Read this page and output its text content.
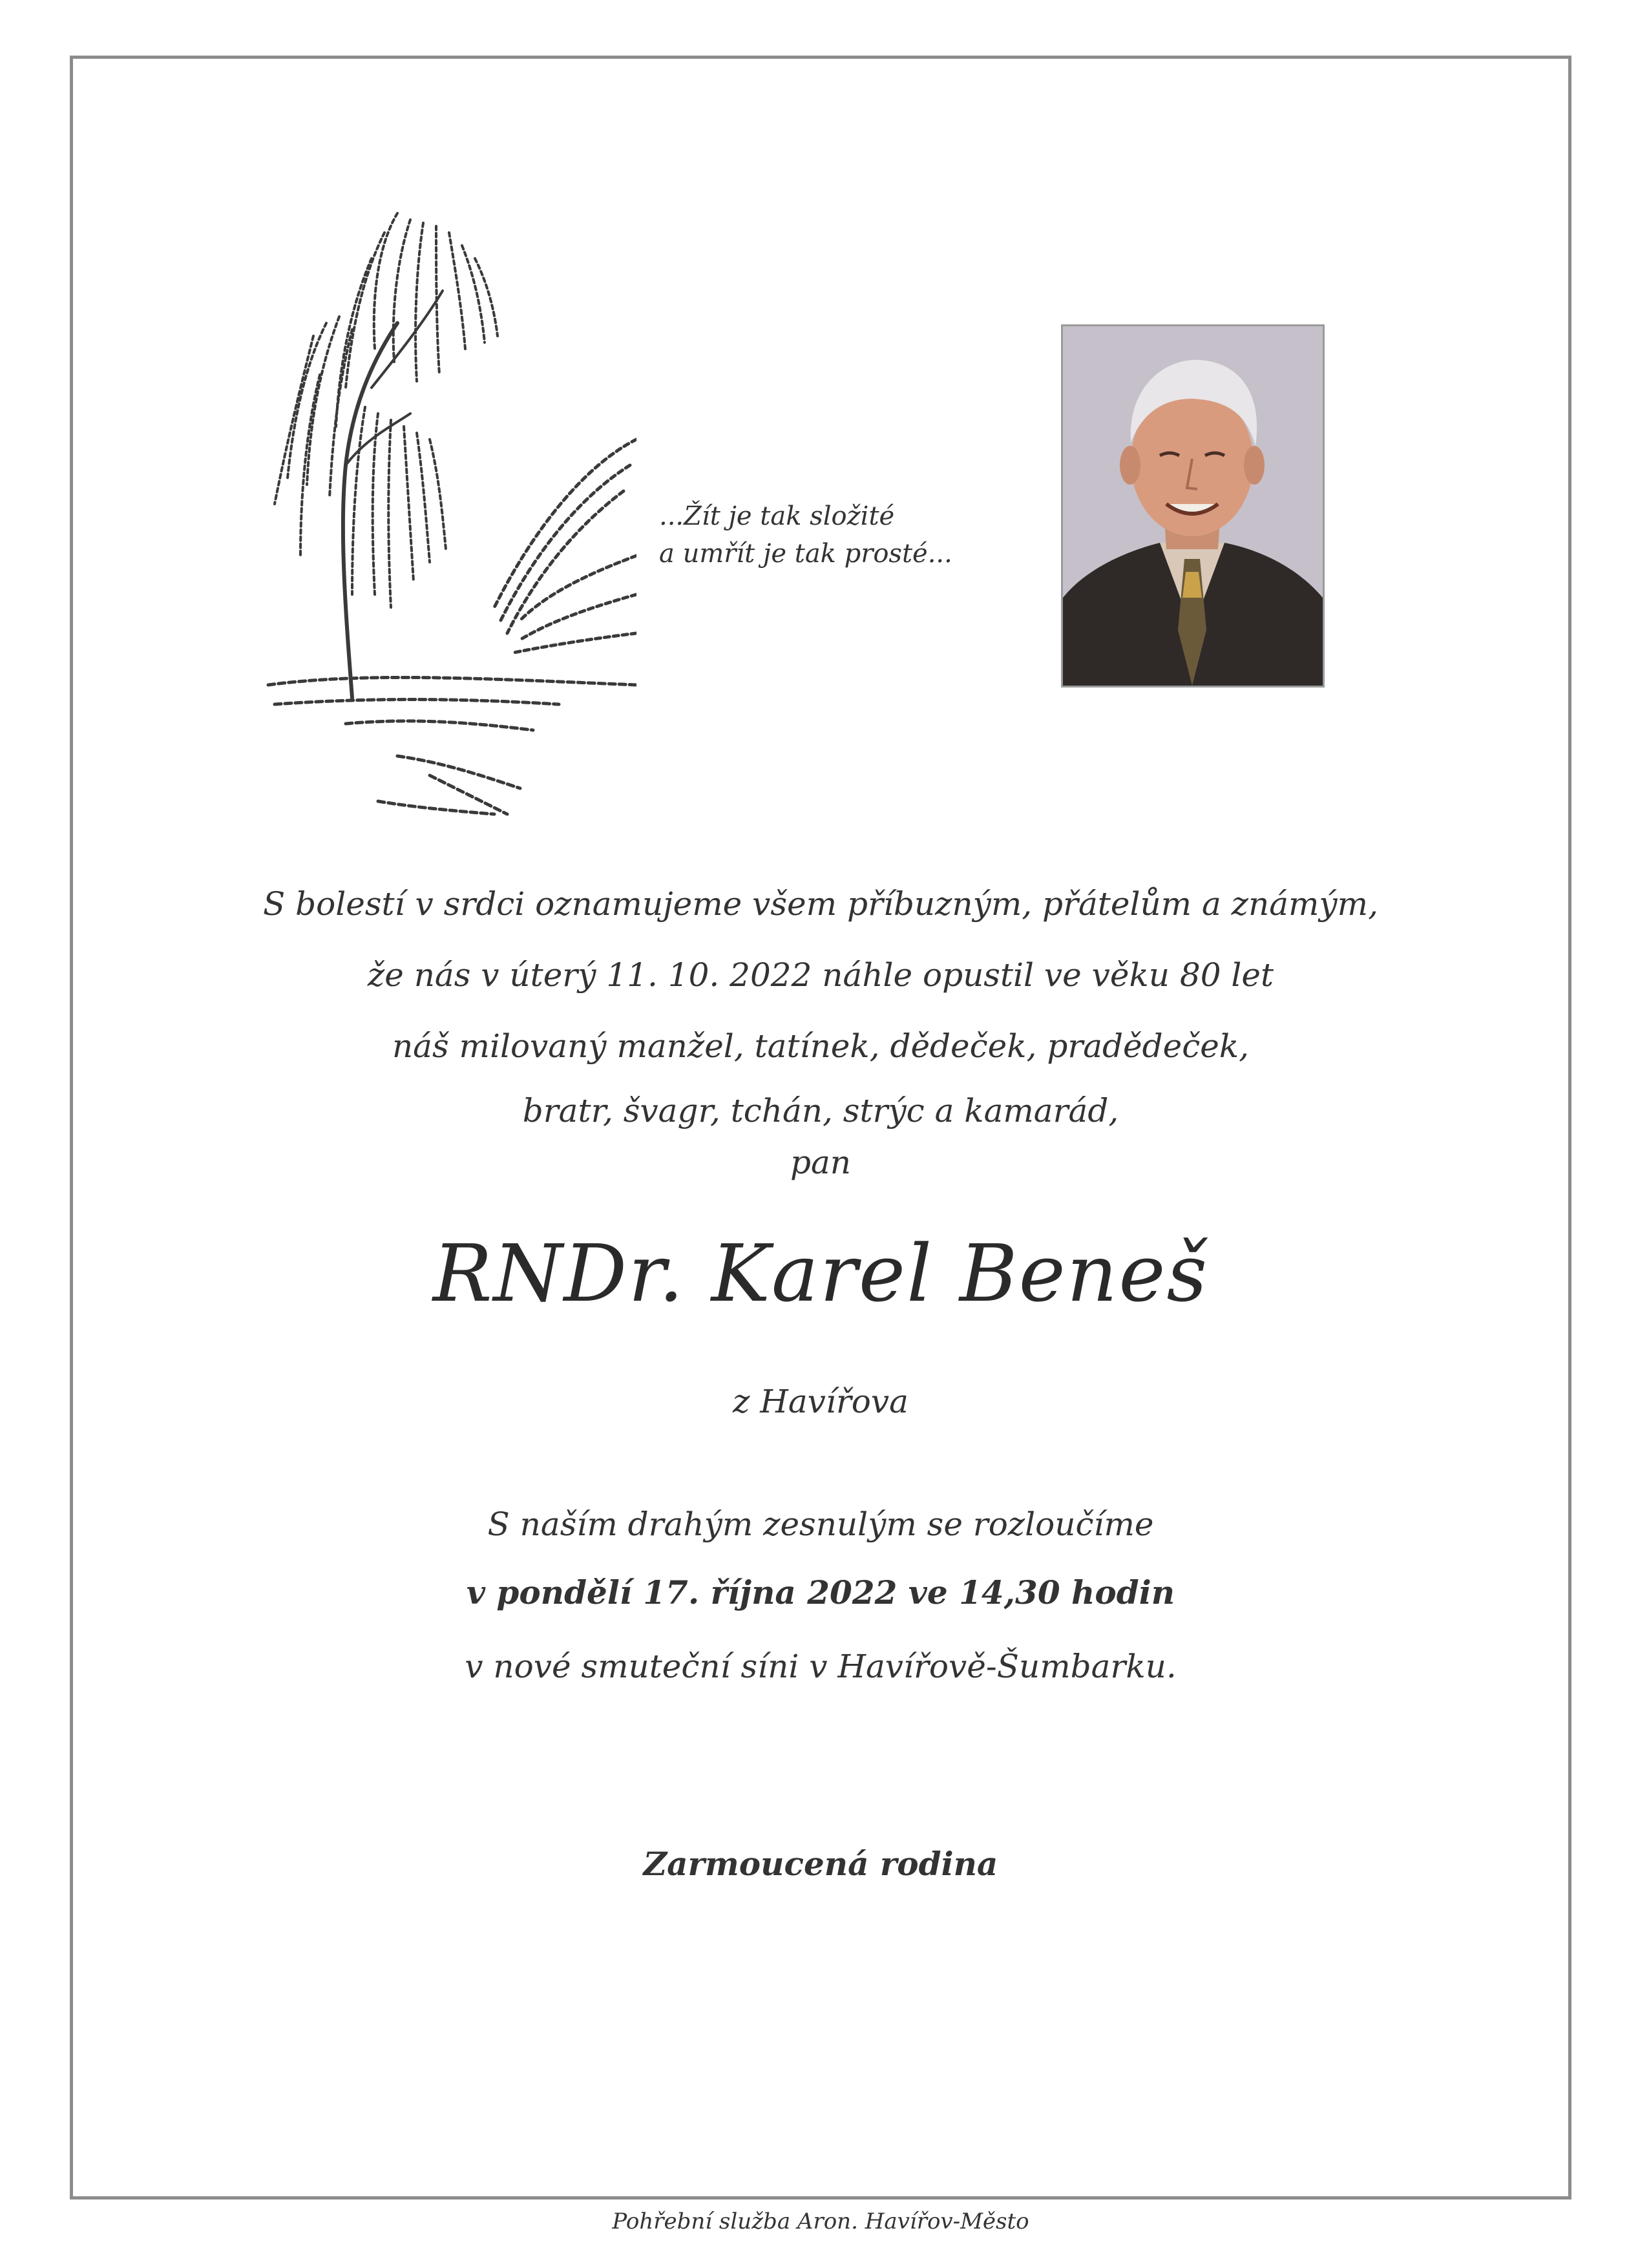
...Žít je tak složité
a umřít je tak prosté...
S bolestí v srdci oznamujeme všem příbuzným, přátelům a známým,
že nás v úterý 11. 10. 2022 náhle opustil ve věku 80 let
náš milovaný manžel, tatínek, dědeček, pradědeček,
bratr, švagr, tchán, strýc a kamarád,
pan
RNDr. Karel Beneš
z Havířova
S naším drahým zesnulým se rozloučíme
v pondělí 17. října 2022 ve 14,30 hodin
v nové smuteční síni v Havířově-Šumbarku.
Zarmoucená rodina
Pohřební služba Aron. Havířov-Město
